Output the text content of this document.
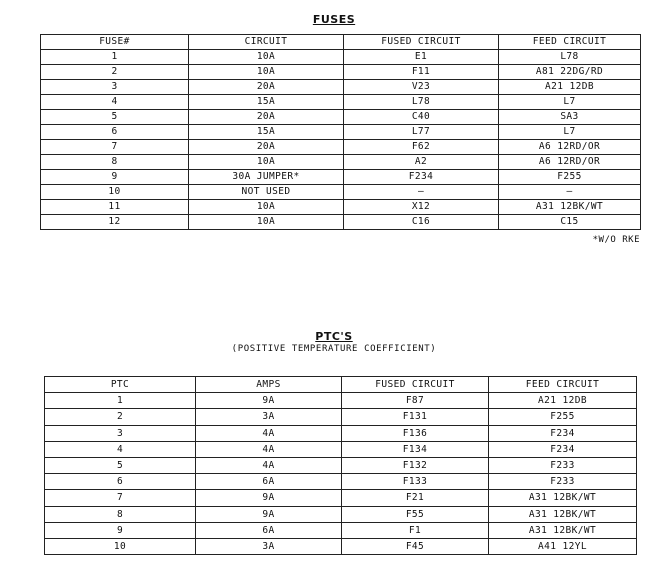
FUSES
FUSE#	CIRCUIT	FUSED CIRCUIT	FEED CIRCUIT
1	10A	E1	L78
2	10A	F11	A81 22DG/RD
3	20A	V23	A21 12DB
4	15A	L78	L7
5	20A	C40	SA3
6	15A	L77	L7
7	20A	F62	A6 12RD/OR
8	10A	A2	A6 12RD/OR
9	30A JUMPER*	F234	F255
10	NOT USED	–	–
11	10A	X12	A31 12BK/WT
12	10A	C16	C15
*W/O RKE
PTC'S
(POSITIVE TEMPERATURE COEFFICIENT)
PTC	AMPS	FUSED CIRCUIT	FEED CIRCUIT
1	9A	F87	A21 12DB
2	3A	F131	F255
3	4A	F136	F234
4	4A	F134	F234
5	4A	F132	F233
6	6A	F133	F233
7	9A	F21	A31 12BK/WT
8	9A	F55	A31 12BK/WT
9	6A	F1	A31 12BK/WT
10	3A	F45	A41 12YL
